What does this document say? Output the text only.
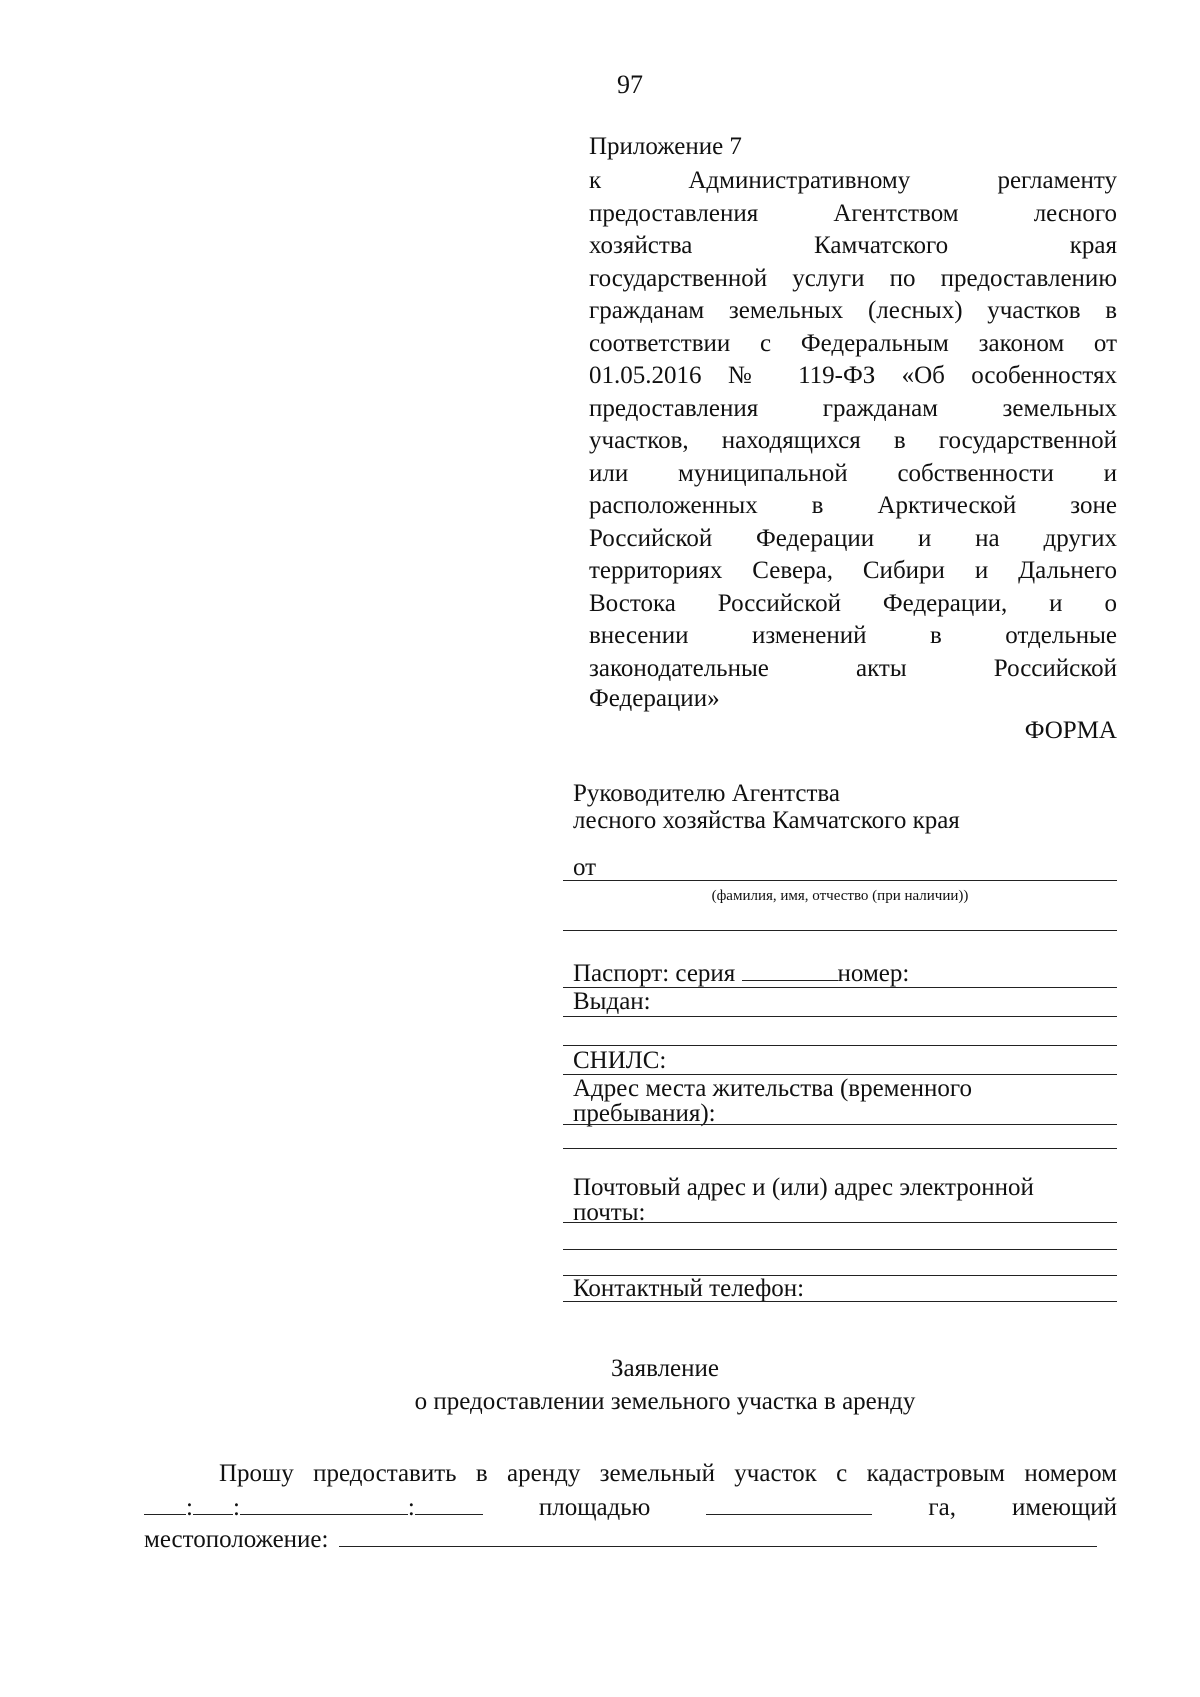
97
Приложение 7
к Административному регламенту
предоставления Агентством лесного
хозяйства Камчатского края
государственной услуги по предоставлению
гражданам земельных (лесных) участков в
соответствии с Федеральным законом от
01.05.2016 № 119-ФЗ «Об особенностях
предоставления гражданам земельных
участков, находящихся в государственной
или муниципальной собственности и
расположенных в Арктической зоне
Российской Федерации и на других
территориях Севера, Сибири и Дальнего
Востока Российской Федерации, и о
внесении изменений в отдельные
законодательные акты Российской
Федерации»
ФОРМА
Руководителю Агентства
лесного хозяйства Камчатского края
от
(фамилия, имя, отчество (при наличии))
Паспорт: серия	номер:
Выдан:
СНИЛС:
Адрес места жительства (временного
пребывания):
Почтовый адрес и (или) адрес электронной
почты:
Контактный телефон:
Заявление
о предоставлении земельного участка в аренду
Прошу предоставить в аренду земельный участок с кадастровым номером
: :	:	площадью	га, имеющий
местоположение:
